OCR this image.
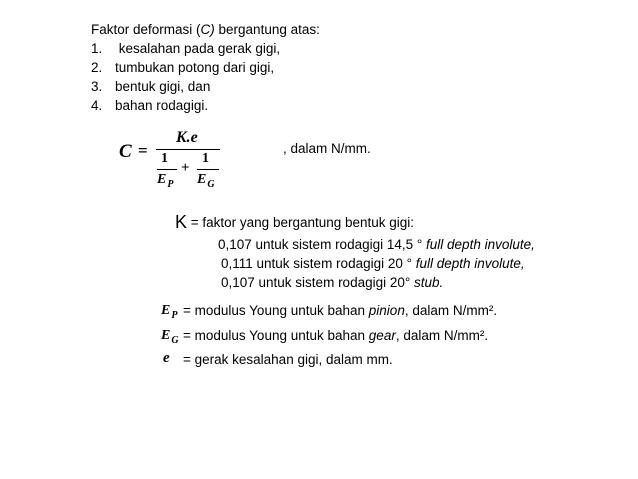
Faktor deformasi (C) bergantung atas:
1. kesalahan pada gerak gigi,
2. tumbukan potong dari gigi,
3. bentuk gigi, dan
4. bahan rodagigi.
C =
K.e
1
$E_P$
+
1
$E_G$
, dalam N/mm.
K = faktor yang bergantung bentuk gigi:
0,107 untuk sistem rodagigi 14,5 ° full depth involute,
0,111 untuk sistem rodagigi 20 ° full depth involute,
0,107 untuk sistem rodagigi 20° stub.
$E_P$ = modulus Young untuk bahan pinion, dalam N/mm².
$E_G$ = modulus Young untuk bahan gear, dalam N/mm².
e = gerak kesalahan gigi, dalam mm.
